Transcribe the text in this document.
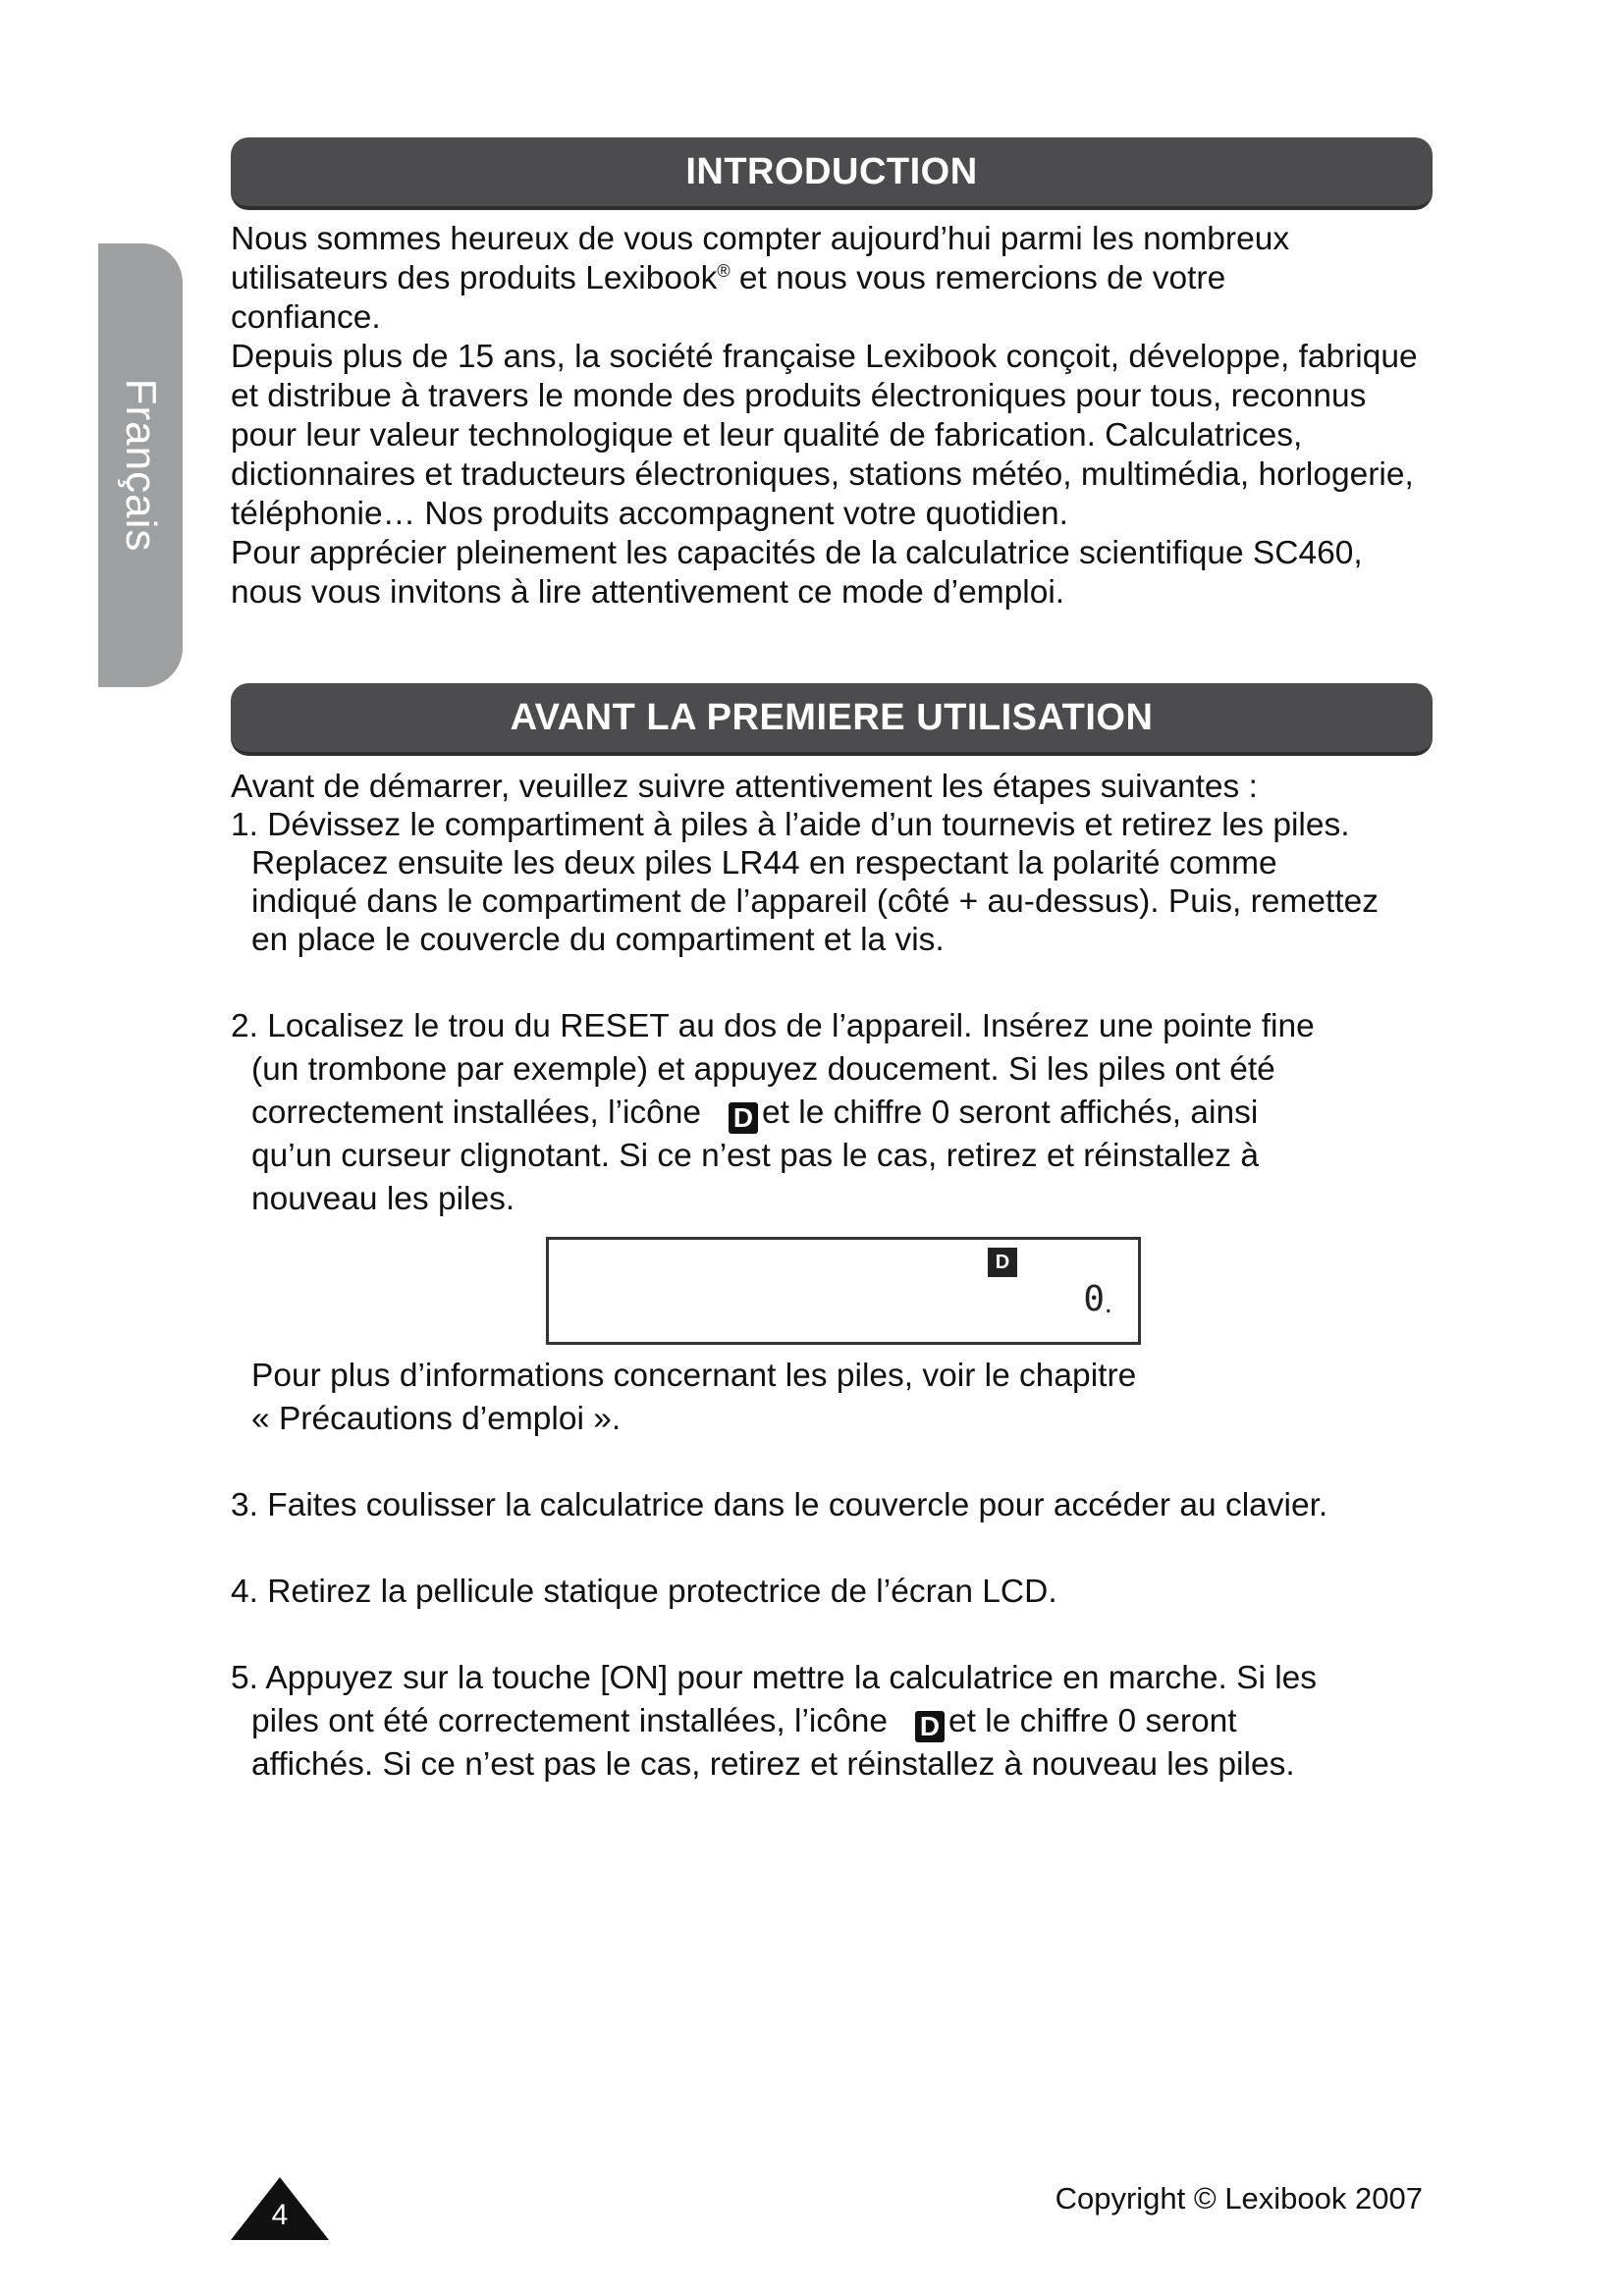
Français
INTRODUCTION

Nous sommes heureux de vous compter aujourd’hui parmi les nombreux

utilisateurs des produits Lexibook® et nous vous remercions de votre

confiance.

Depuis plus de 15 ans, la société française Lexibook conçoit, développe, fabrique et distribue à travers le monde des produits électroniques pour tous, reconnus pour leur valeur technologique et leur qualité de fabrication. Calculatrices, dictionnaires et traducteurs électroniques, stations météo, multimédia, horlogerie, téléphonie… Nos produits accompagnent votre quotidien.

Pour apprécier pleinement les capacités de la calculatrice scientifique SC460, nous vous invitons à lire attentivement ce mode d’emploi.

AVANT LA PREMIERE UTILISATION

Avant de démarrer, veuillez suivre attentivement les étapes suivantes :

1. Dévissez le compartiment à piles à l’aide d’un tournevis et retirez les piles.

Replacez ensuite les deux piles LR44 en respectant la polarité comme indiqué dans le compartiment de l’appareil (côté + au-dessus). Puis, remettez en place le couvercle du compartiment et la vis.

2. Localisez le trou du RESET au dos de l’appareil. Insérez une pointe fine

(un trombone par exemple) et appuyez doucement. Si les piles ont été

correctement installées, l’icône D et le chiffre 0 seront affichés, ainsi

qu’un curseur clignotant. Si ce n’est pas le cas, retirez et réinstallez à

nouveau les piles.

D
0 .

Pour plus d’informations concernant les piles, voir le chapitre

« Précautions d’emploi ».

3. Faites coulisser la calculatrice dans le couvercle pour accéder au clavier.

4. Retirez la pellicule statique protectrice de l’écran LCD.

5. Appuyez sur la touche [ON] pour mettre la calculatrice en marche. Si les

piles ont été correctement installées, l’icône D et le chiffre 0 seront

affichés. Si ce n’est pas le cas, retirez et réinstallez à nouveau les piles.

4	Copyright © Lexibook 2007
